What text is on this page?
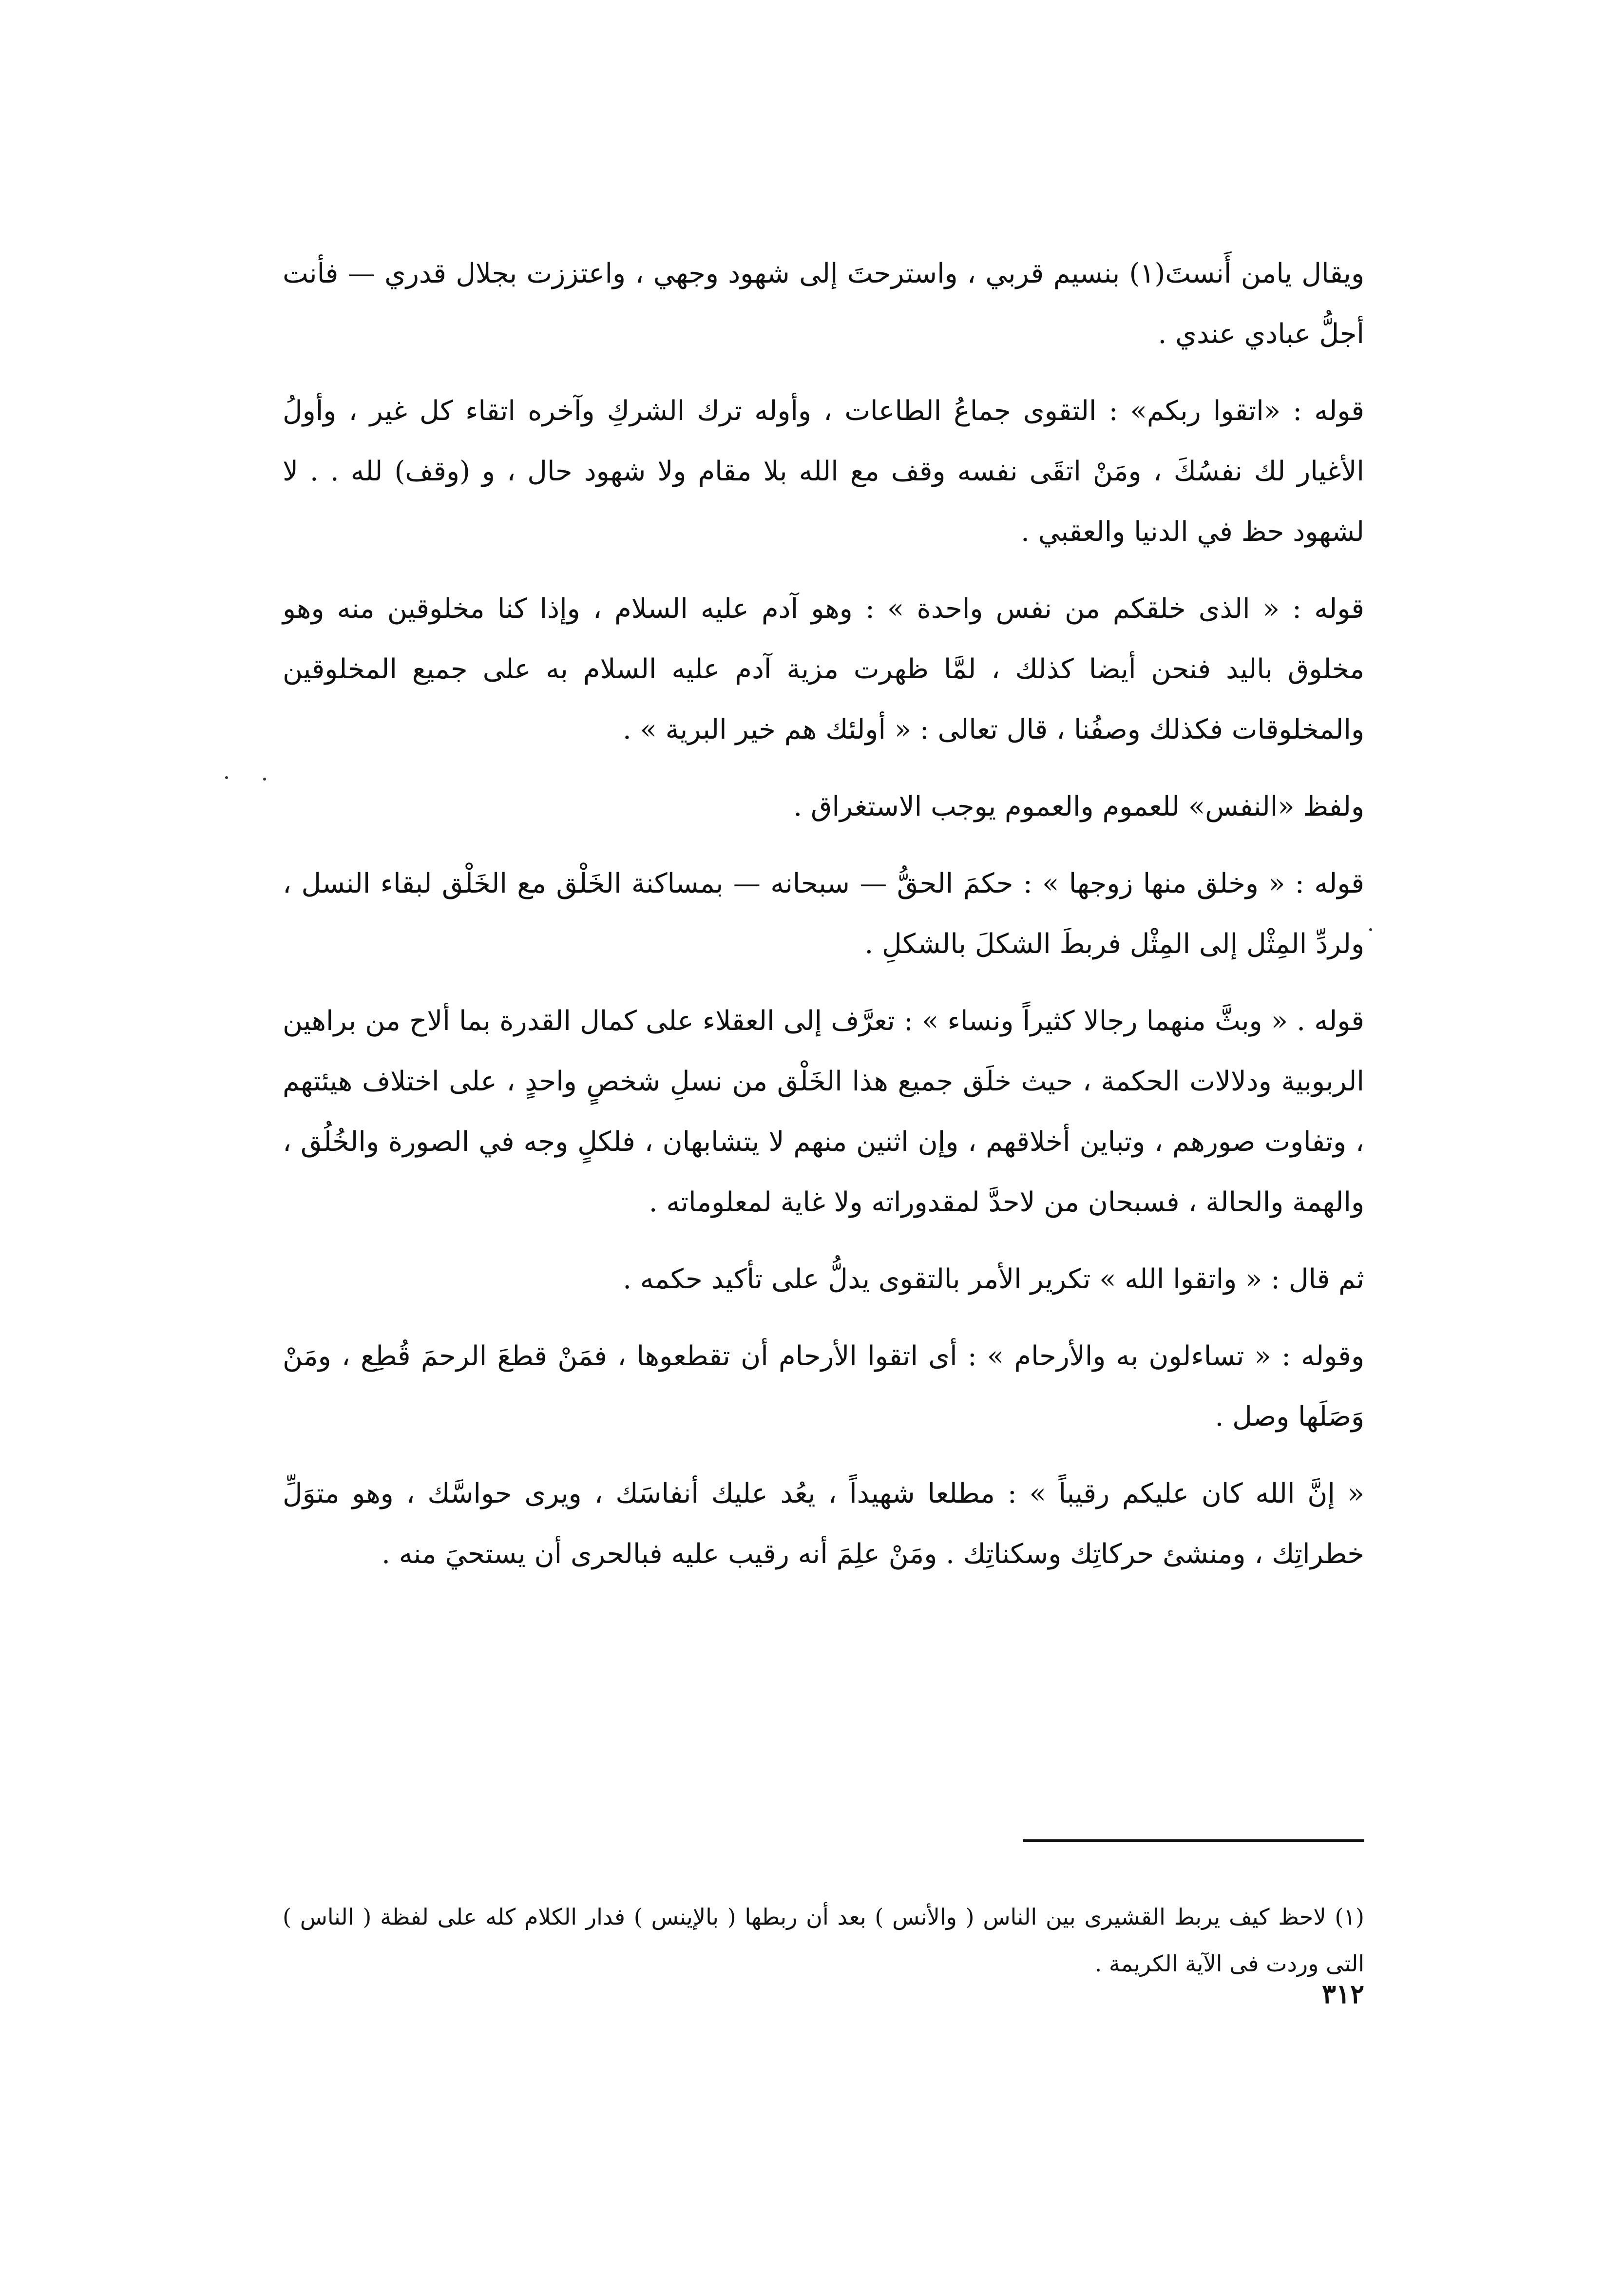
ويقال يامن أَنستَ(١) بنسيم قربي ، واسترحتَ إلى شهود وجهي ، واعتززت بجلال قدري — فأنت أجلُّ عبادي عندي .

قوله : «اتقوا ربكم» : التقوى جماعُ الطاعات ، وأوله ترك الشركِ وآخره اتقاء كل غير ، وأولُ الأغيار لك نفسُكَ ، ومَنْ اتقَى نفسه وقف مع الله بلا مقام ولا شهود حال ، و (وقف) لله . . لا لشهود حظ في الدنيا والعقبي .

قوله : « الذى خلقكم من نفس واحدة » : وهو آدم عليه السلام ، وإذا كنا مخلوقين منه وهو مخلوق باليد فنحن أيضا كذلك ، لمَّا ظهرت مزية آدم عليه السلام به على جميع المخلوقين والمخلوقات فكذلك وصفُنا ، قال تعالى : « أولئك هم خير البرية » .

ولفظ «النفس» للعموم والعموم يوجب الاستغراق .

قوله : « وخلق منها زوجها » : حكمَ الحقُّ — سبحانه — بمساكنة الخَلْق مع الخَلْق لبقاء النسل ، ولردِّ المِثْل إلى المِثْل فربطَ الشكلَ بالشكلِ .

قوله . « وبثَّ منهما رجالا كثيراً ونساء » : تعرَّف إلى العقلاء على كمال القدرة بما ألاح من براهين الربوبية ودلالات الحكمة ، حيث خلَق جميع هذا الخَلْق من نسلِ شخصٍ واحدٍ ، على اختلاف هيئتهم ، وتفاوت صورهم ، وتباين أخلاقهم ، وإن اثنين منهم لا يتشابهان ، فلكلٍ وجه في الصورة والخُلُق ، والهمة والحالة ، فسبحان من لاحدَّ لمقدوراته ولا غاية لمعلوماته .

ثم قال : « واتقوا الله » تكرير الأمر بالتقوى يدلُّ على تأكيد حكمه .

وقوله : « تساءلون به والأرحام » : أى اتقوا الأرحام أن تقطعوها ، فمَنْ قطعَ الرحمَ قُطِع ، ومَنْ وَصَلَها وصل .

« إنَّ الله كان عليكم رقيباً » : مطلعا شهيداً ، يعُد عليك أنفاسَك ، ويرى حواسَّك ، وهو متوَلِّ خطراتِك ، ومنشئ حركاتِك وسكناتِك . ومَنْ علِمَ أنه رقيب عليه فبالحرى أن يستحيَ منه .

(١) لاحظ كيف يربط القشيرى بين الناس ( والأنس ) بعد أن ربطها ( بالإينس ) فدار الكلام كله على لفظة ( الناس ) التى وردت فى الآية الكريمة .

٣١٢
